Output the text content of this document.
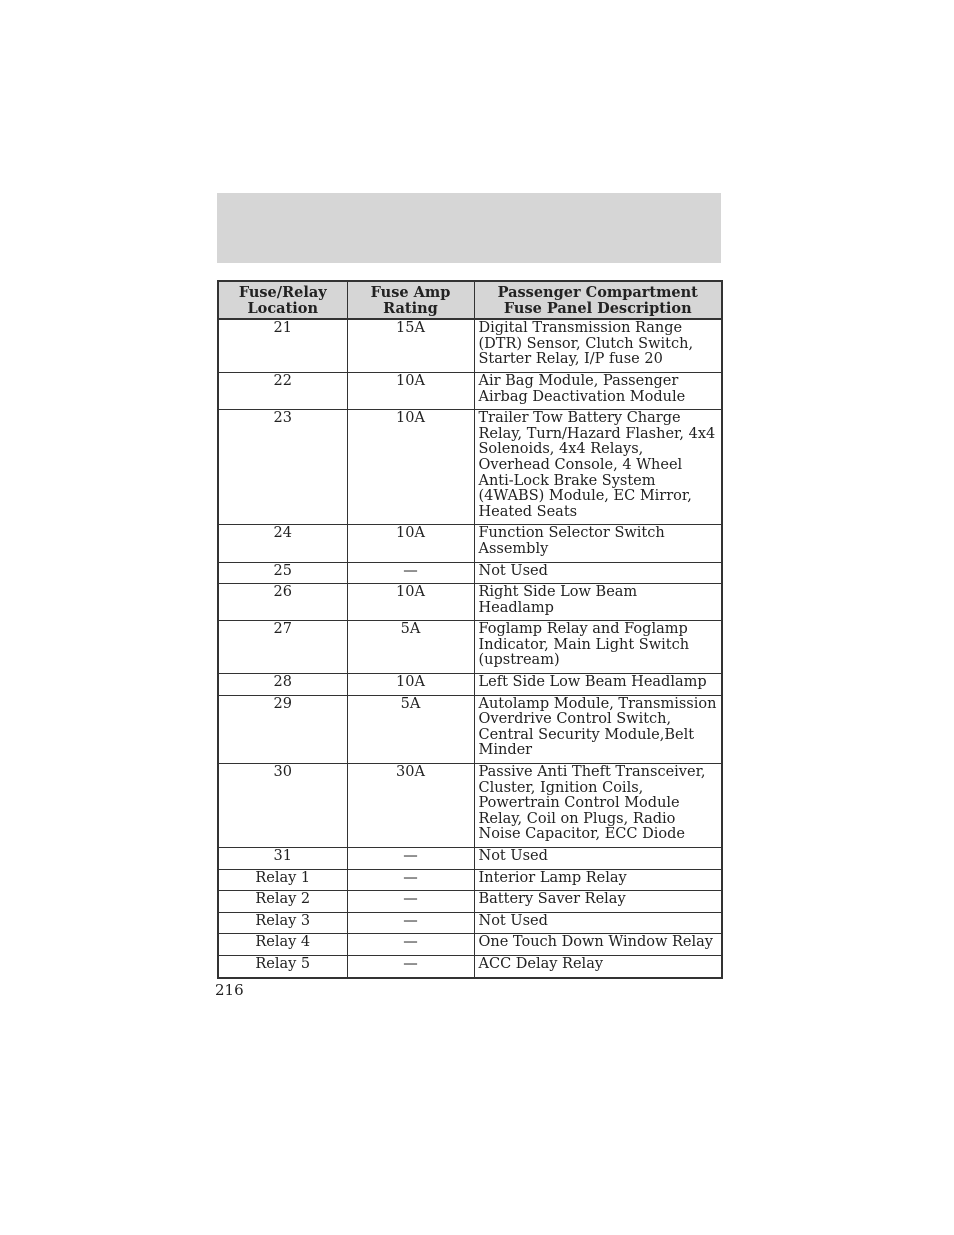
Fuse/Relay Location	Fuse Amp Rating	Passenger Compartment Fuse Panel Description
21	15A	Digital Transmission Range (DTR) Sensor, Clutch Switch, Starter Relay, I/P fuse 20
22	10A	Air Bag Module, Passenger Airbag Deactivation Module
23	10A	Trailer Tow Battery Charge Relay, Turn/Hazard Flasher, 4x4 Solenoids, 4x4 Relays, Overhead Console, 4 Wheel Anti-Lock Brake System (4WABS) Module, EC Mirror, Heated Seats
24	10A	Function Selector Switch Assembly
25	—	Not Used
26	10A	Right Side Low Beam Headlamp
27	5A	Foglamp Relay and Foglamp Indicator, Main Light Switch (upstream)
28	10A	Left Side Low Beam Headlamp
29	5A	Autolamp Module, Transmission Overdrive Control Switch, Central Security Module,Belt Minder
30	30A	Passive Anti Theft Transceiver, Cluster, Ignition Coils, Powertrain Control Module Relay, Coil on Plugs, Radio Noise Capacitor, ECC Diode
31	—	Not Used
Relay 1	—	Interior Lamp Relay
Relay 2	—	Battery Saver Relay
Relay 3	—	Not Used
Relay 4	—	One Touch Down Window Relay
Relay 5	—	ACC Delay Relay
216
